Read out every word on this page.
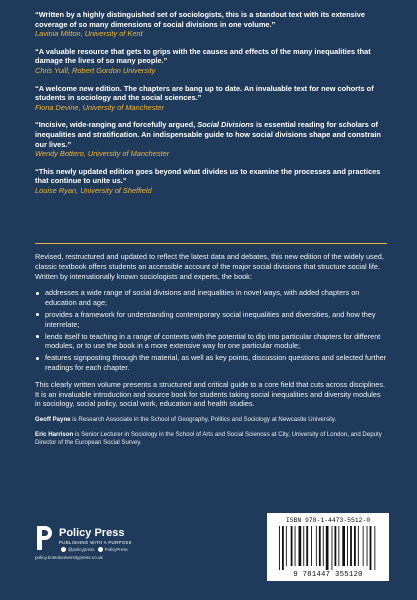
“Written by a highly distinguished set of sociologists, this is a standout text with its extensive coverage of so many dimensions of social divisions in one volume.”
Lavinia Mitton, University of Kent
“A valuable resource that gets to grips with the causes and effects of the many inequalities that damage the lives of so many people.”
Chris Yuill, Robert Gordon University
“A welcome new edition. The chapters are bang up to date. An invaluable text for new cohorts of students in sociology and the social sciences.”
Fiona Devine, University of Manchester
“Incisive, wide-ranging and forcefully argued, Social Divisions is essential reading for scholars of inequalities and stratification. An indispensable guide to how social divisions shape and constrain our lives.”
Wendy Bottero, University of Manchester
“This newly updated edition goes beyond what divides us to examine the processes and practices that continue to unite us.”
Louise Ryan, University of Sheffield

Revised, restructured and updated to reflect the latest data and debates, this new edition of the widely used, classic textbook offers students an accessible account of the major social divisions that structure social life. Written by internationally known sociologists and experts, the book:

addresses a wide range of social divisions and inequalities in novel ways, with added chapters on education and age;
provides a framework for understanding contemporary social inequalities and diversities, and how they interrelate;
lends itself to teaching in a range of contexts with the potential to dip into particular chapters for different modules, or to use the book in a more extensive way for one particular module;
features signposting through the material, as well as key points, discussion questions and selected further readings for each chapter.

This clearly written volume presents a structured and critical guide to a core field that cuts across disciplines. It is an invaluable introduction and source book for students taking social inequalities and diversity modules in sociology, social policy, social work, education and health studies.

Geoff Payne is Research Associate in the School of Geography, Politics and Sociology at Newcastle University.

Eric Harrison is Senior Lecturer in Sociology in the School of Arts and Social Sciences at City, University of London, and Deputy Director of the European Social Survey.

Policy Press
PUBLISHING WITH A PURPOSE
@policypress PolicyPress
policy.bristoluniversitypress.co.uk
ISBN 978-1-4473-5512-0
9 781447 355120
